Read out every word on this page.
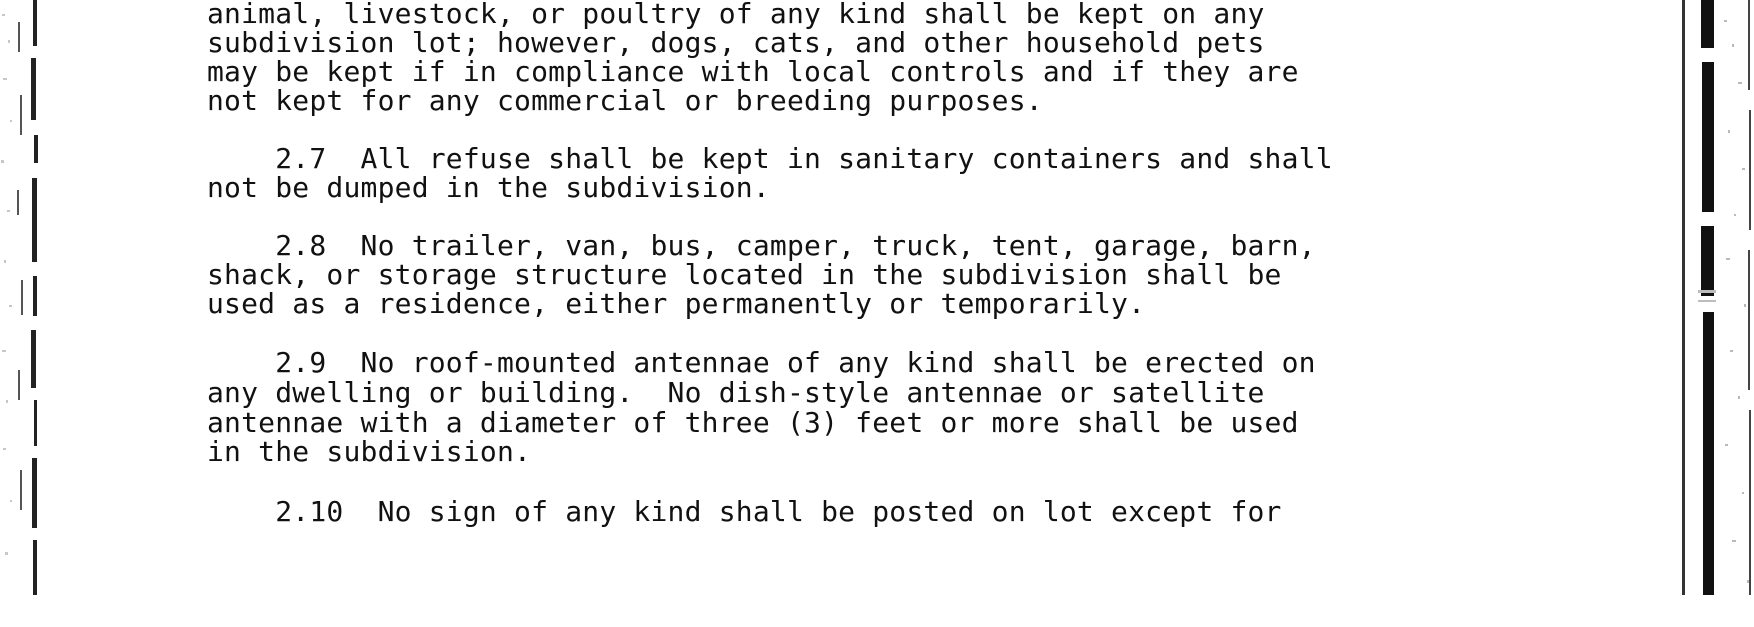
animal, livestock, or poultry of any kind shall be kept on any

subdivision lot; however, dogs, cats, and other household pets

may be kept if in compliance with local controls and if they are

not kept for any commercial or breeding purposes.

2.7  All refuse shall be kept in sanitary containers and shall

not be dumped in the subdivision.

2.8  No trailer, van, bus, camper, truck, tent, garage, barn,

shack, or storage structure located in the subdivision shall be

used as a residence, either permanently or temporarily.

2.9  No roof-mounted antennae of any kind shall be erected on

any dwelling or building.  No dish-style antennae or satellite

antennae with a diameter of three (3) feet or more shall be used

in the subdivision.

2.10  No sign of any kind shall be posted on lot except for
